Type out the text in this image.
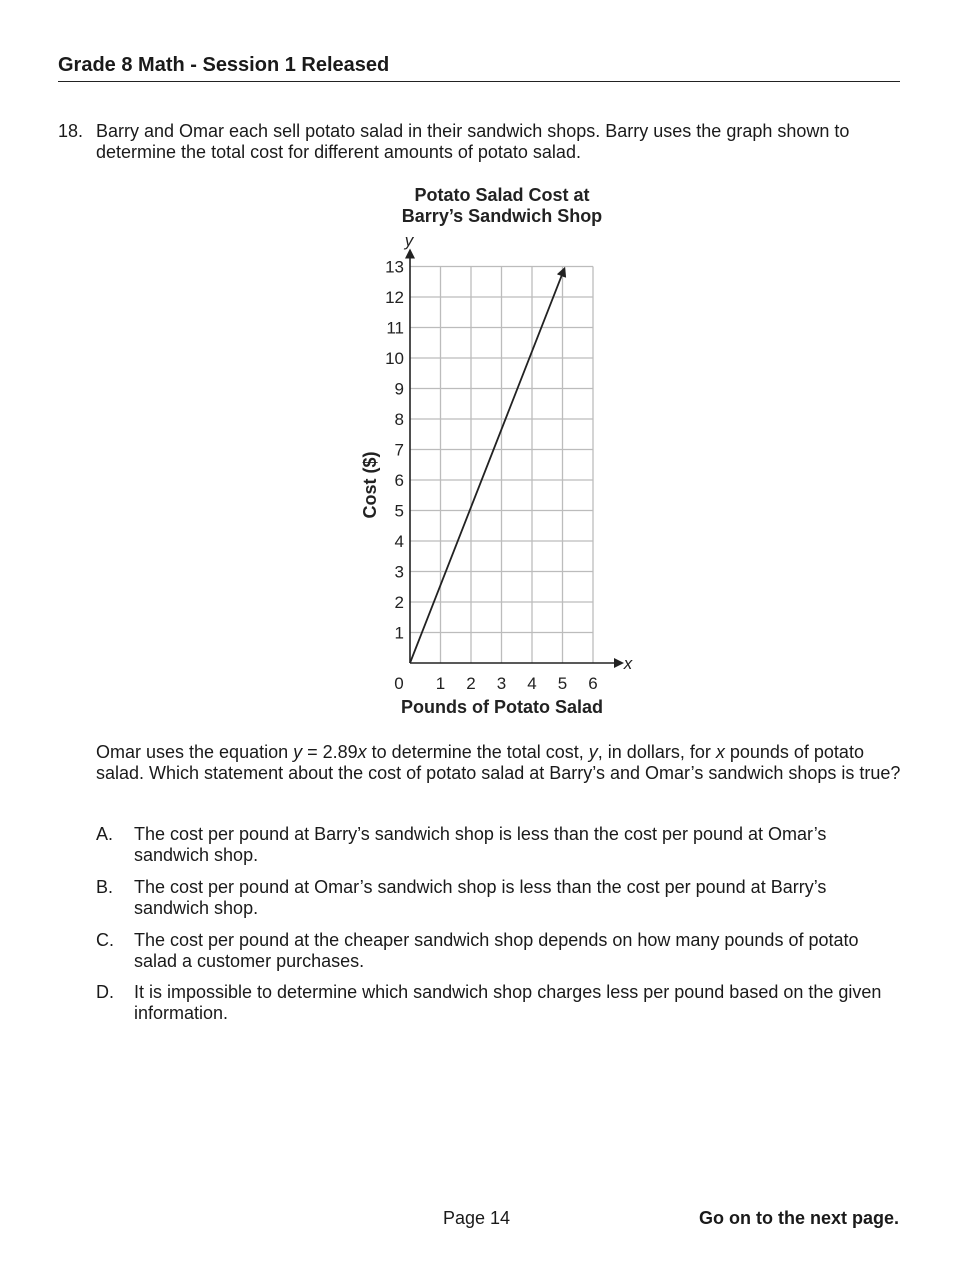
Grade 8 Math - Session 1 Released
18. Barry and Omar each sell potato salad in their sandwich shops. Barry uses the graph shown to determine the total cost for different amounts of potato salad.
Potato Salad Cost at
Barry’s Sandwich Shop
1
2
3
4
5
6
7
8
9
10
11
12
13
0 1 2 3 4 5 6
y
x
Cost ($)
Pounds of Potato Salad
Omar uses the equation y = 2.89x to determine the total cost, y, in dollars, for x pounds of potato salad. Which statement about the cost of potato salad at Barry’s and Omar’s sandwich shops is true?
A. The cost per pound at Barry’s sandwich shop is less than the cost per pound at Omar’s sandwich shop.
B. The cost per pound at Omar’s sandwich shop is less than the cost per pound at Barry’s sandwich shop.
C. The cost per pound at the cheaper sandwich shop depends on how many pounds of potato salad a customer purchases.
D. It is impossible to determine which sandwich shop charges less per pound based on the given information.
Page 14	Go on to the next page.
